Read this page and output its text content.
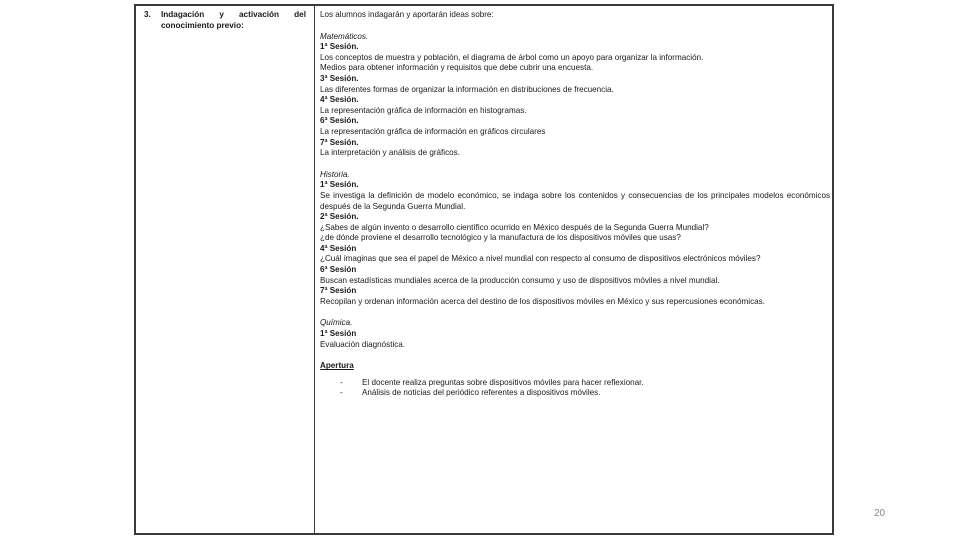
3. Indagación y activación del conocimiento previo:
Los alumnos indagarán y aportarán ideas sobre:
Matemáticos.
1ª Sesión.
Los conceptos de muestra y población, el diagrama de árbol como un apoyo para organizar la información.
Medios para obtener información y requisitos que debe cubrir una encuesta.
3ª Sesión.
Las diferentes formas de organizar la información en distribuciones de frecuencia.
4ª Sesión.
La representación gráfica de información en histogramas.
6ª Sesión.
La representación gráfica de información en gráficos circulares
7ª Sesión.
La interpretación y análisis de gráficos.
Historia.
1ª Sesión.
Se investiga la definición de modelo económico, se indaga sobre los contenidos y consecuencias de los principales modelos económicos después de la Segunda Guerra Mundial.
2ª Sesión.
¿Sabes de algún invento o desarrollo científico ocurrido en México después de la Segunda Guerra Mundial?
¿de dónde proviene el desarrollo tecnológico y la manufactura de los dispositivos móviles que usas?
4ª Sesión
¿Cuál imaginas que sea el papel de México a nivel mundial con respecto al consumo de dispositivos electrónicos móviles?
6ª Sesión
Buscan estadísticas mundiales acerca de la producción consumo y uso de dispositivos móviles a nivel mundial.
7ª Sesión
Recopilan y ordenan información acerca del destino de los dispositivos móviles en México y sus repercusiones económicas.
Química.
1ª Sesión
Evaluación diagnóstica.
Apertura
-	El docente realiza preguntas sobre dispositivos móviles para hacer reflexionar.
-	Análisis de noticias del periódico referentes a dispositivos móviles.
20
